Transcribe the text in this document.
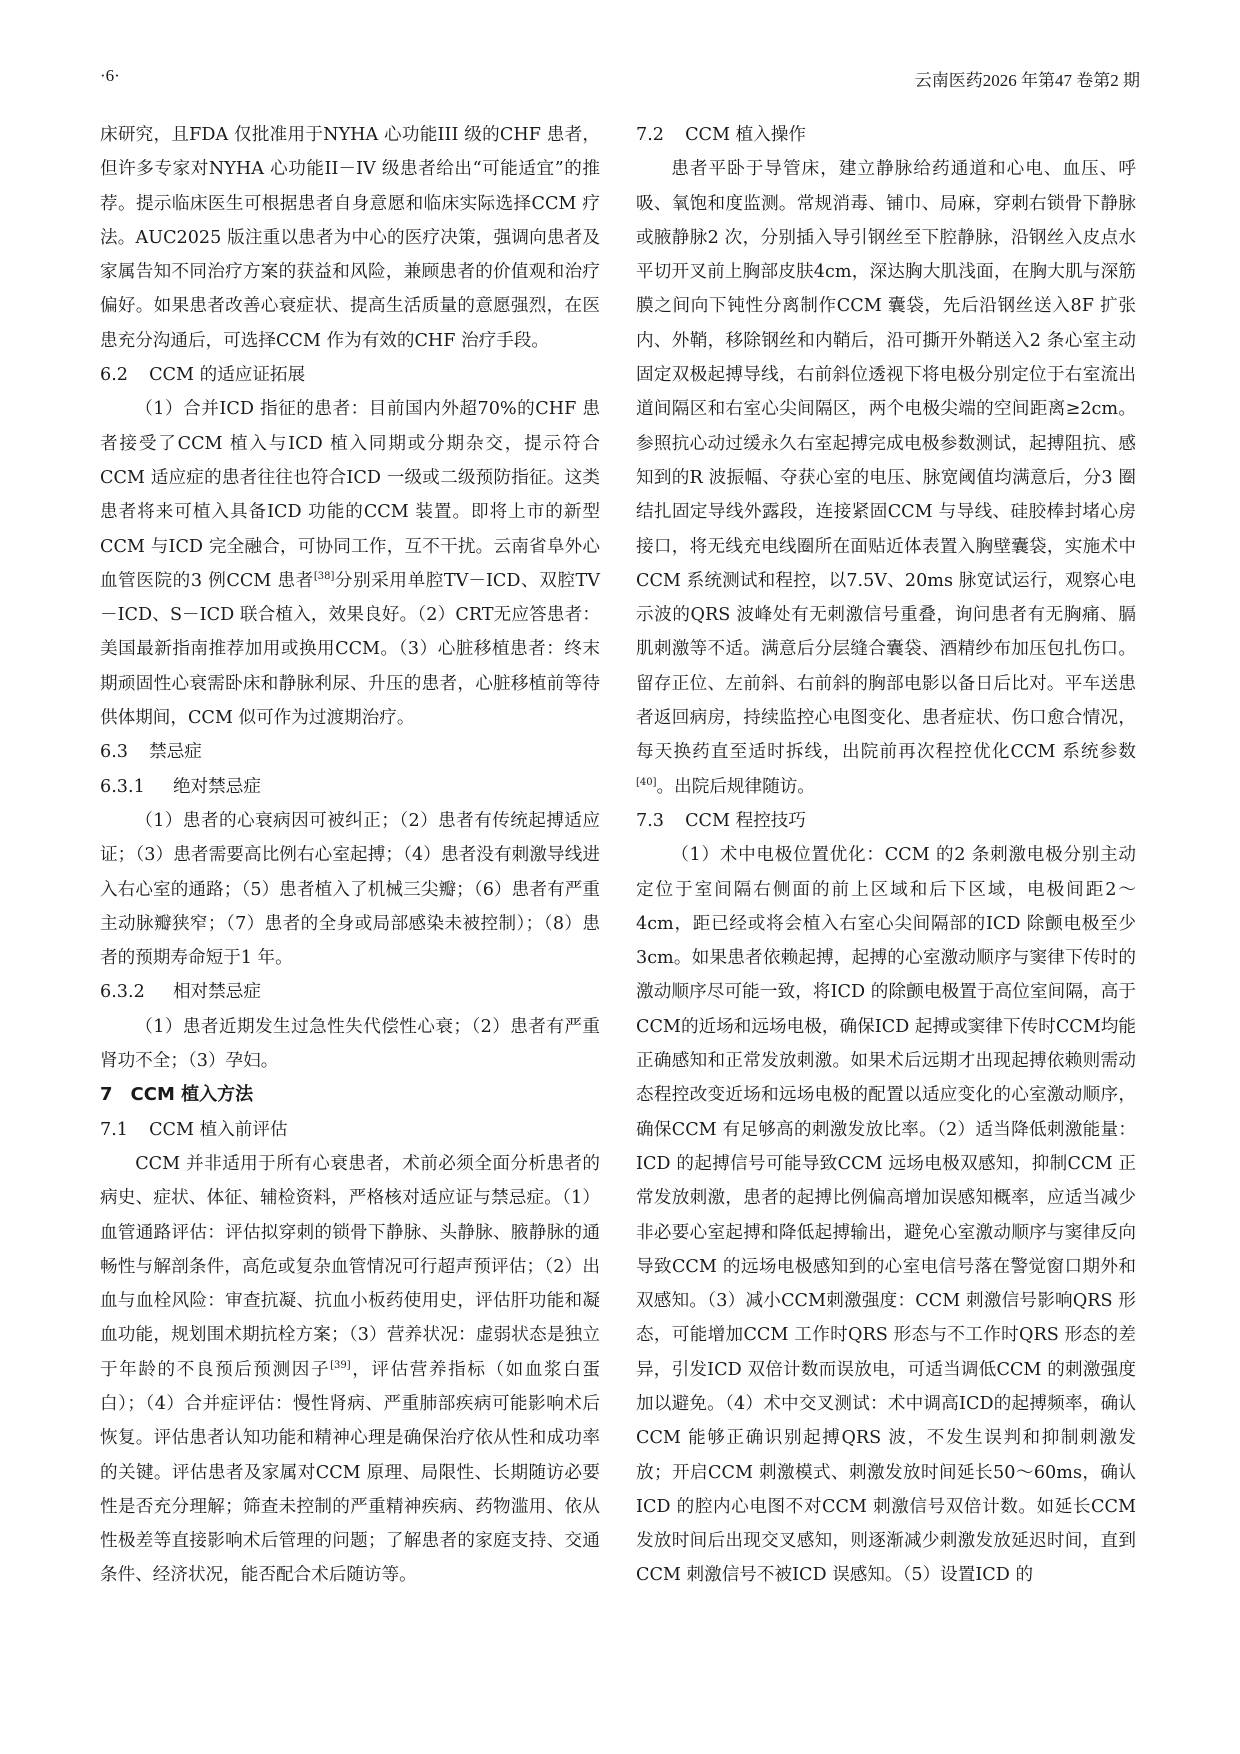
·6·	云南医药2026 年第47 卷第2 期

床研究，且FDA 仅批准用于NYHA 心功能III 级的CHF 患者，但许多专家对NYHA 心功能II－IV 级患者给出“可能适宜”的推荐。提示临床医生可根据患者自身意愿和临床实际选择CCM 疗法。AUC2025 版注重以患者为中心的医疗决策，强调向患者及家属告知不同治疗方案的获益和风险，兼顾患者的价值观和治疗偏好。如果患者改善心衰症状、提高生活质量的意愿强烈，在医患充分沟通后，可选择CCM 作为有效的CHF 治疗手段。

6.2 CCM 的适应证拓展

（1）合并ICD 指征的患者：目前国内外超70%的CHF 患者接受了CCM 植入与ICD 植入同期或分期杂交，提示符合CCM 适应症的患者往往也符合ICD 一级或二级预防指征。这类患者将来可植入具备ICD 功能的CCM 装置。即将上市的新型CCM 与ICD 完全融合，可协同工作，互不干扰。云南省阜外心血管医院的3 例CCM 患者[38]分别采用单腔TV－ICD、双腔TV－ICD、S－ICD 联合植入，效果良好。（2）CRT无应答患者：美国最新指南推荐加用或换用CCM。（3）心脏移植患者：终末期顽固性心衰需卧床和静脉利尿、升压的患者，心脏移植前等待供体期间，CCM 似可作为过渡期治疗。

6.3 禁忌症

6.3.1 绝对禁忌症

（1）患者的心衰病因可被纠正；（2）患者有传统起搏适应证；（3）患者需要高比例右心室起搏；（4）患者没有刺激导线进入右心室的通路；（5）患者植入了机械三尖瓣；（6）患者有严重主动脉瓣狭窄；（7）患者的全身或局部感染未被控制）；（8）患者的预期寿命短于1 年。

6.3.2 相对禁忌症

（1）患者近期发生过急性失代偿性心衰；（2）患者有严重肾功不全；（3）孕妇。

7　CCM 植入方法

7.1 CCM 植入前评估

CCM 并非适用于所有心衰患者，术前必须全面分析患者的病史、症状、体征、辅检资料，严格核对适应证与禁忌症。（1）血管通路评估：评估拟穿刺的锁骨下静脉、头静脉、腋静脉的通畅性与解剖条件，高危或复杂血管情况可行超声预评估；（2）出血与血栓风险：审查抗凝、抗血小板药使用史，评估肝功能和凝血功能，规划围术期抗栓方案；（3）营养状况：虚弱状态是独立于年龄的不良预后预测因子[39]，评估营养指标（如血浆白蛋白）；（4）合并症评估：慢性肾病、严重肺部疾病可能影响术后恢复。评估患者认知功能和精神心理是确保治疗依从性和成功率的关键。评估患者及家属对CCM 原理、局限性、长期随访必要性是否充分理解；筛查未控制的严重精神疾病、药物滥用、依从性极差等直接影响术后管理的问题；了解患者的家庭支持、交通条件、经济状况，能否配合术后随访等。

7.2 CCM 植入操作

患者平卧于导管床，建立静脉给药通道和心电、血压、呼吸、氧饱和度监测。常规消毒、铺巾、局麻，穿刺右锁骨下静脉或腋静脉2 次，分别插入导引钢丝至下腔静脉，沿钢丝入皮点水平切开叉前上胸部皮肤4cm，深达胸大肌浅面，在胸大肌与深筋膜之间向下钝性分离制作CCM 囊袋，先后沿钢丝送入8F 扩张内、外鞘，移除钢丝和内鞘后，沿可撕开外鞘送入2 条心室主动固定双极起搏导线，右前斜位透视下将电极分别定位于右室流出道间隔区和右室心尖间隔区，两个电极尖端的空间距离≥2cm。参照抗心动过缓永久右室起搏完成电极参数测试，起搏阻抗、感知到的R 波振幅、夺获心室的电压、脉宽阈值均满意后，分3 圈结扎固定导线外露段，连接紧固CCM 与导线、硅胶棒封堵心房接口，将无线充电线圈所在面贴近体表置入胸壁囊袋，实施术中CCM 系统测试和程控，以7.5V、20ms 脉宽试运行，观察心电示波的QRS 波峰处有无刺激信号重叠，询问患者有无胸痛、膈肌刺激等不适。满意后分层缝合囊袋、酒精纱布加压包扎伤口。留存正位、左前斜、右前斜的胸部电影以备日后比对。平车送患者返回病房，持续监控心电图变化、患者症状、伤口愈合情况，每天换药直至适时拆线，出院前再次程控优化CCM 系统参数[40]。出院后规律随访。

7.3 CCM 程控技巧

（1）术中电极位置优化：CCM 的2 条刺激电极分别主动定位于室间隔右侧面的前上区域和后下区域，电极间距2～4cm，距已经或将会植入右室心尖间隔部的ICD 除颤电极至少3cm。如果患者依赖起搏，起搏的心室激动顺序与窦律下传时的激动顺序尽可能一致，将ICD 的除颤电极置于高位室间隔，高于CCM的近场和远场电极，确保ICD 起搏或窦律下传时CCM均能正确感知和正常发放刺激。如果术后远期才出现起搏依赖则需动态程控改变近场和远场电极的配置以适应变化的心室激动顺序，确保CCM 有足够高的刺激发放比率。（2）适当降低刺激能量：ICD 的起搏信号可能导致CCM 远场电极双感知，抑制CCM 正常发放刺激，患者的起搏比例偏高增加误感知概率，应适当减少非必要心室起搏和降低起搏输出，避免心室激动顺序与窦律反向导致CCM 的远场电极感知到的心室电信号落在警觉窗口期外和双感知。（3）减小CCM刺激强度：CCM 刺激信号影响QRS 形态，可能增加CCM 工作时QRS 形态与不工作时QRS 形态的差异，引发ICD 双倍计数而误放电，可适当调低CCM 的刺激强度加以避免。（4）术中交叉测试：术中调高ICD的起搏频率，确认CCM 能够正确识别起搏QRS 波，不发生误判和抑制刺激发放；开启CCM 刺激模式、刺激发放时间延长50～60ms，确认ICD 的腔内心电图不对CCM 刺激信号双倍计数。如延长CCM 发放时间后出现交叉感知，则逐渐减少刺激发放延迟时间，直到CCM 刺激信号不被ICD 误感知。（5）设置ICD 的
